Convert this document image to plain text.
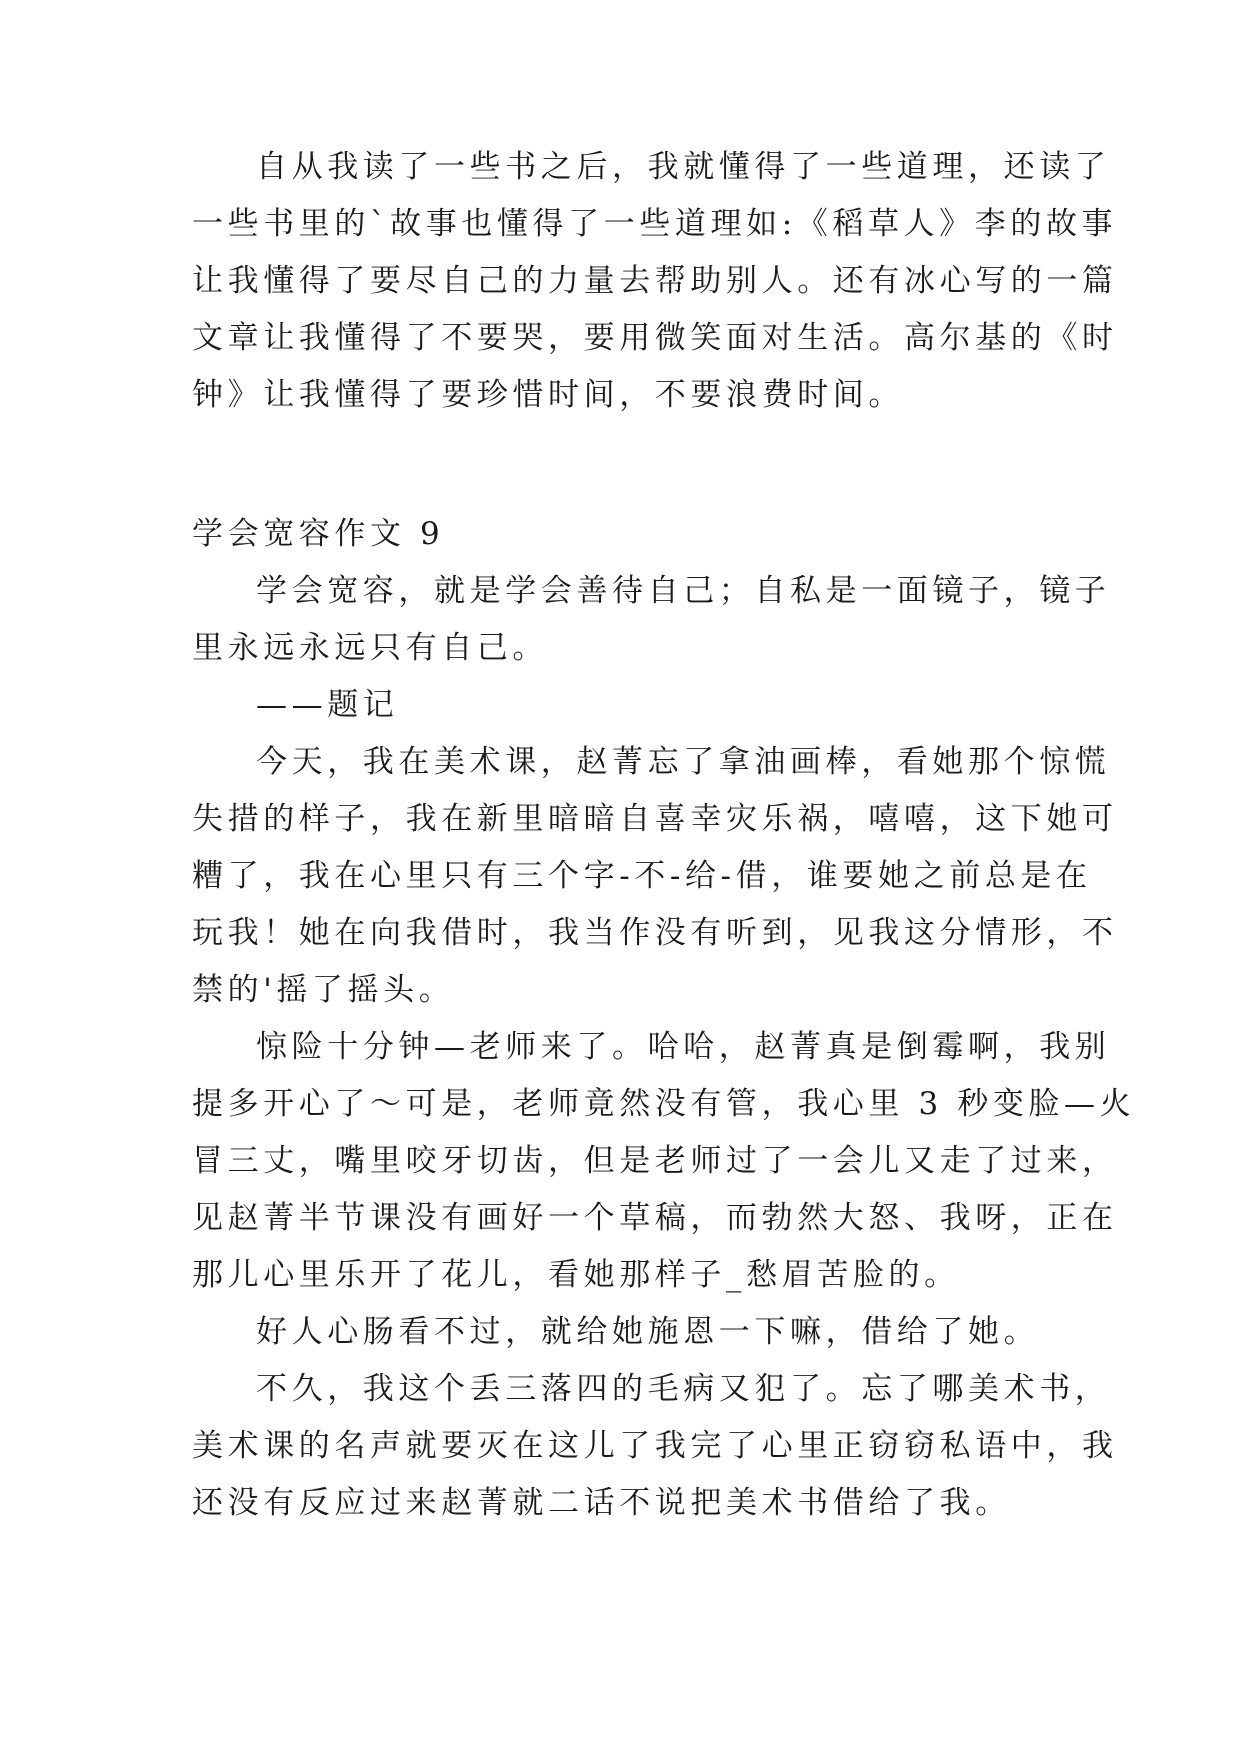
自从我读了一些书之后，我就懂得了一些道理，还读了
一些书里的`故事也懂得了一些道理如:《稻草人》李的故事
让我懂得了要尽自己的力量去帮助别人。还有冰心写的一篇
文章让我懂得了不要哭，要用微笑面对生活。高尔基的《时
钟》让我懂得了要珍惜时间，不要浪费时间。
学会宽容作文 9
学会宽容，就是学会善待自己；自私是一面镜子，镜子
里永远永远只有自己。
——题记
今天，我在美术课，赵菁忘了拿油画棒，看她那个惊慌
失措的样子，我在新里暗暗自喜幸灾乐祸，嘻嘻，这下她可
糟了，我在心里只有三个字-不-给-借，谁要她之前总是在
玩我！她在向我借时，我当作没有听到，见我这分情形，不
禁的'摇了摇头。
惊险十分钟—老师来了。哈哈，赵菁真是倒霉啊，我别
提多开心了～可是，老师竟然没有管，我心里 3 秒变脸—火
冒三丈，嘴里咬牙切齿，但是老师过了一会儿又走了过来，
见赵菁半节课没有画好一个草稿，而勃然大怒、我呀，正在
那儿心里乐开了花儿，看她那样子_愁眉苦脸的。
好人心肠看不过，就给她施恩一下嘛，借给了她。
不久，我这个丢三落四的毛病又犯了。忘了哪美术书，
美术课的名声就要灭在这儿了我完了心里正窃窃私语中，我
还没有反应过来赵菁就二话不说把美术书借给了我。
